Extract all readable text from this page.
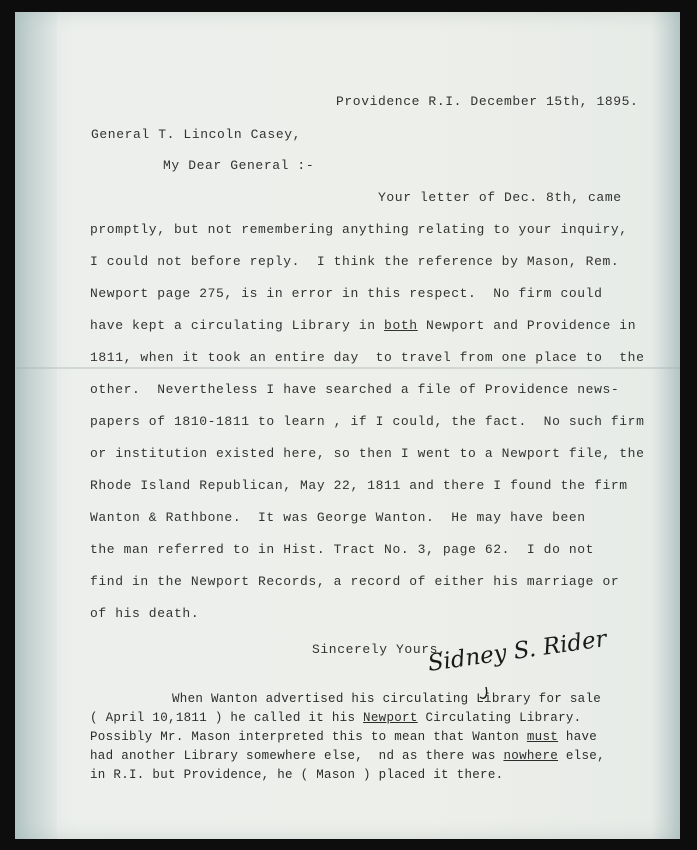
Providence R.I. December 15th, 1895.
General T. Lincoln Casey,
My Dear General :-
Your letter of Dec. 8th, came
promptly, but not remembering anything relating to your inquiry,
I could not before reply.  I think the reference by Mason, Rem.
Newport page 275, is in error in this respect.  No firm could
have kept a circulating Library in both Newport and Providence in
1811, when it took an entire day  to travel from one place to  the
other.  Nevertheless I have searched a file of Providence news-
papers of 1810-1811 to learn , if I could, the fact.  No such firm
or institution existed here, so then I went to a Newport file, the
Rhode Island Republican, May 22, 1811 and there I found the firm
Wanton & Rathbone.  It was George Wanton.  He may have been
the man referred to in Hist. Tract No. 3, page 62.  I do not
find in the Newport Records, a record of either his marriage or
of his death.
Sincerely Yours,
Sidney S. Rider
When Wanton advertised his circulating Library for sale
( April 10,1811 ) he called it his Newport Circulating Library.
Possibly Mr. Mason interpreted this to mean that Wanton must have
had another Library somewhere else,  nd as there was nowhere else,
in R.I. but Providence, he ( Mason ) placed it there.
